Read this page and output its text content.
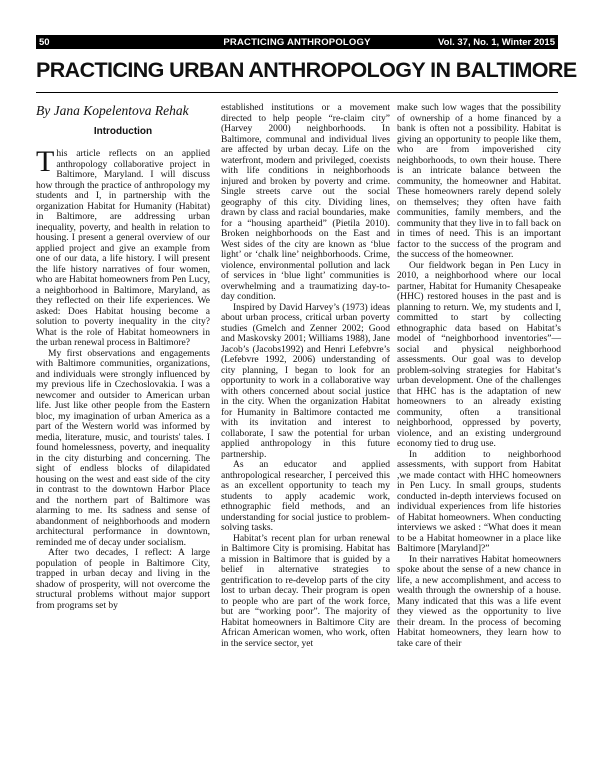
50	PRACTICING ANTHROPOLOGY	Vol. 37, No. 1, Winter 2015
PRACTICING URBAN ANTHROPOLOGY IN BALTIMORE
By Jana Kopelentova Rehak
Introduction

This article reflects on an applied anthropology collaborative project in Baltimore, Maryland. I will discuss how through the practice of anthropology my students and I, in partnership with the organization Habitat for Humanity (Habitat) in Baltimore, are addressing urban inequality, poverty, and health in relation to housing. I present a general overview of our applied project and give an example from one of our data, a life history. I will present the life history narratives of four women, who are Habitat homeowners from Pen Lucy, a neighborhood in Baltimore, Maryland, as they reflected on their life experiences. We asked: Does Habitat housing become a solution to poverty inequality in the city? What is the role of Habitat homeowners in the urban renewal process in Baltimore?

My first observations and engagements with Baltimore communities, organizations, and individuals were strongly influenced by my previous life in Czechoslovakia. I was a newcomer and outsider to American urban life. Just like other people from the Eastern bloc, my imagination of urban America as a part of the Western world was informed by media, literature, music, and tourists' tales. I found homelessness, poverty, and inequality in the city disturbing and concerning. The sight of endless blocks of dilapidated housing on the west and east side of the city in contrast to the downtown Harbor Place and the northern part of Baltimore was alarming to me. Its sadness and sense of abandonment of neighborhoods and modern architectural performance in downtown, reminded me of decay under socialism.

After two decades, I reflect: A large population of people in Baltimore City, trapped in urban decay and living in the shadow of prosperity, will not overcome the structural problems without major support from programs set by

established institutions or a movement directed to help people “re-claim city” (Harvey 2000) neighborhoods. In Baltimore, communal and individual lives are affected by urban decay. Life on the waterfront, modern and privileged, coexists with life conditions in neighborhoods injured and broken by poverty and crime. Single streets carve out the social geography of this city. Dividing lines, drawn by class and racial boundaries, make for a “housing apartheid” (Pietila 2010). Broken neighborhoods on the East and West sides of the city are known as ‘blue light’ or ‘chalk line’ neighborhoods. Crime, violence, environmental pollution and lack of services in ‘blue light’ communities is overwhelming and a traumatizing day-to-day condition.

Inspired by David Harvey’s (1973) ideas about urban process, critical urban poverty studies (Gmelch and Zenner 2002; Good and Maskovsky 2001; Williams 1988), Jane Jacob’s (Jacobs1992) and Henri Lefebvre’s (Lefebvre 1992, 2006) understanding of city planning, I began to look for an opportunity to work in a collaborative way with others concerned about social justice in the city. When the organization Habitat for Humanity in Baltimore contacted me with its invitation and interest to collaborate, I saw the potential for urban applied anthropology in this future partnership.

As an educator and applied anthropological researcher, I perceived this as an excellent opportunity to teach my students to apply academic work, ethnographic field methods, and an understanding for social justice to problem-solving tasks.

Habitat’s recent plan for urban renewal in Baltimore City is promising. Habitat has a mission in Baltimore that is guided by a belief in alternative strategies to gentrification to re-develop parts of the city lost to urban decay. Their program is open to people who are part of the work force, but are “working poor”. The majority of Habitat homeowners in Baltimore City are African American women, who work, often in the service sector, yet

make such low wages that the possibility of ownership of a home financed by a bank is often not a possibility. Habitat is giving an opportunity to people like them, who are from impoverished city neighborhoods, to own their house. There is an intricate balance between the community, the homeowner and Habitat. These homeowners rarely depend solely on themselves; they often have faith communities, family members, and the community that they live in to fall back on in times of need. This is an important factor to the success of the program and the success of the homeowner.

Our fieldwork began in Pen Lucy in 2010, a neighborhood where our local partner, Habitat for Humanity Chesapeake (HHC) restored houses in the past and is planning to return. We, my students and I, committed to start by collecting ethnographic data based on Habitat’s model of “neighborhood inventories”—social and physical neighborhood assessments. Our goal was to develop problem-solving strategies for Habitat’s urban development. One of the challenges that HHC has is the adaptation of new homeowners to an already existing community, often a transitional neighborhood, oppressed by poverty, violence, and an existing underground economy tied to drug use.

In addition to neighborhood assessments, with support from Habitat ,we made contact with HHC homeowners in Pen Lucy. In small groups, students conducted in-depth interviews focused on individual experiences from life histories of Habitat homeowners. When conducting interviews we asked : “What does it mean to be a Habitat homeowner in a place like Baltimore [Maryland]?”

In their narratives Habitat homeowners spoke about the sense of a new chance in life, a new accomplishment, and access to wealth through the ownership of a house. Many indicated that this was a life event they viewed as the opportunity to live their dream. In the process of becoming Habitat homeowners, they learn how to take care of their
